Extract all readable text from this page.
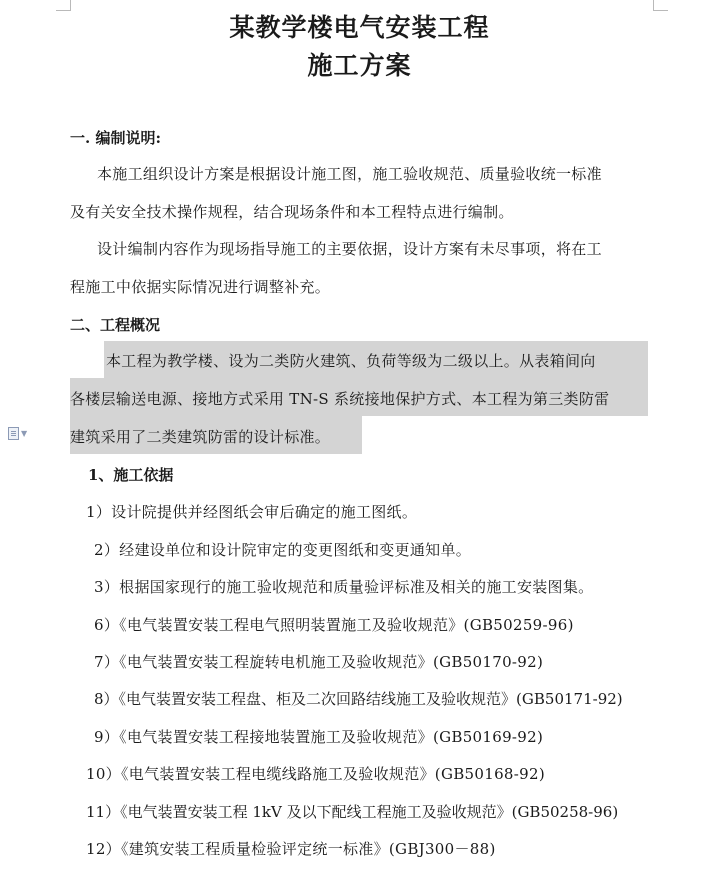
某教学楼电气安装工程
施工方案
一. 编制说明:
本施工组织设计方案是根据设计施工图，施工验收规范、质量验收统一标准
及有关安全技术操作规程，结合现场条件和本工程特点进行编制。
设计编制内容作为现场指导施工的主要依据，设计方案有未尽事项，将在工
程施工中依据实际情况进行调整补充。
二、工程概况
本工程为教学楼、设为二类防火建筑、负荷等级为二级以上。从表箱间向
各楼层输送电源、接地方式采用 TN-S 系统接地保护方式、本工程为第三类防雷
建筑采用了二类建筑防雷的设计标准。
▼
1、施工依据
1）设计院提供并经图纸会审后确定的施工图纸。
2）经建设单位和设计院审定的变更图纸和变更通知单。
3）根据国家现行的施工验收规范和质量验评标准及相关的施工安装图集。
6）《电气装置安装工程电气照明装置施工及验收规范》(GB50259-96)
7）《电气装置安装工程旋转电机施工及验收规范》(GB50170-92)
8）《电气装置安装工程盘、柜及二次回路结线施工及验收规范》(GB50171-92)
9）《电气装置安装工程接地装置施工及验收规范》(GB50169-92)
10）《电气装置安装工程电缆线路施工及验收规范》(GB50168-92)
11）《电气装置安装工程 1kV 及以下配线工程施工及验收规范》(GB50258-96)
12）《建筑安装工程质量检验评定统一标准》(GBJ300－88)
